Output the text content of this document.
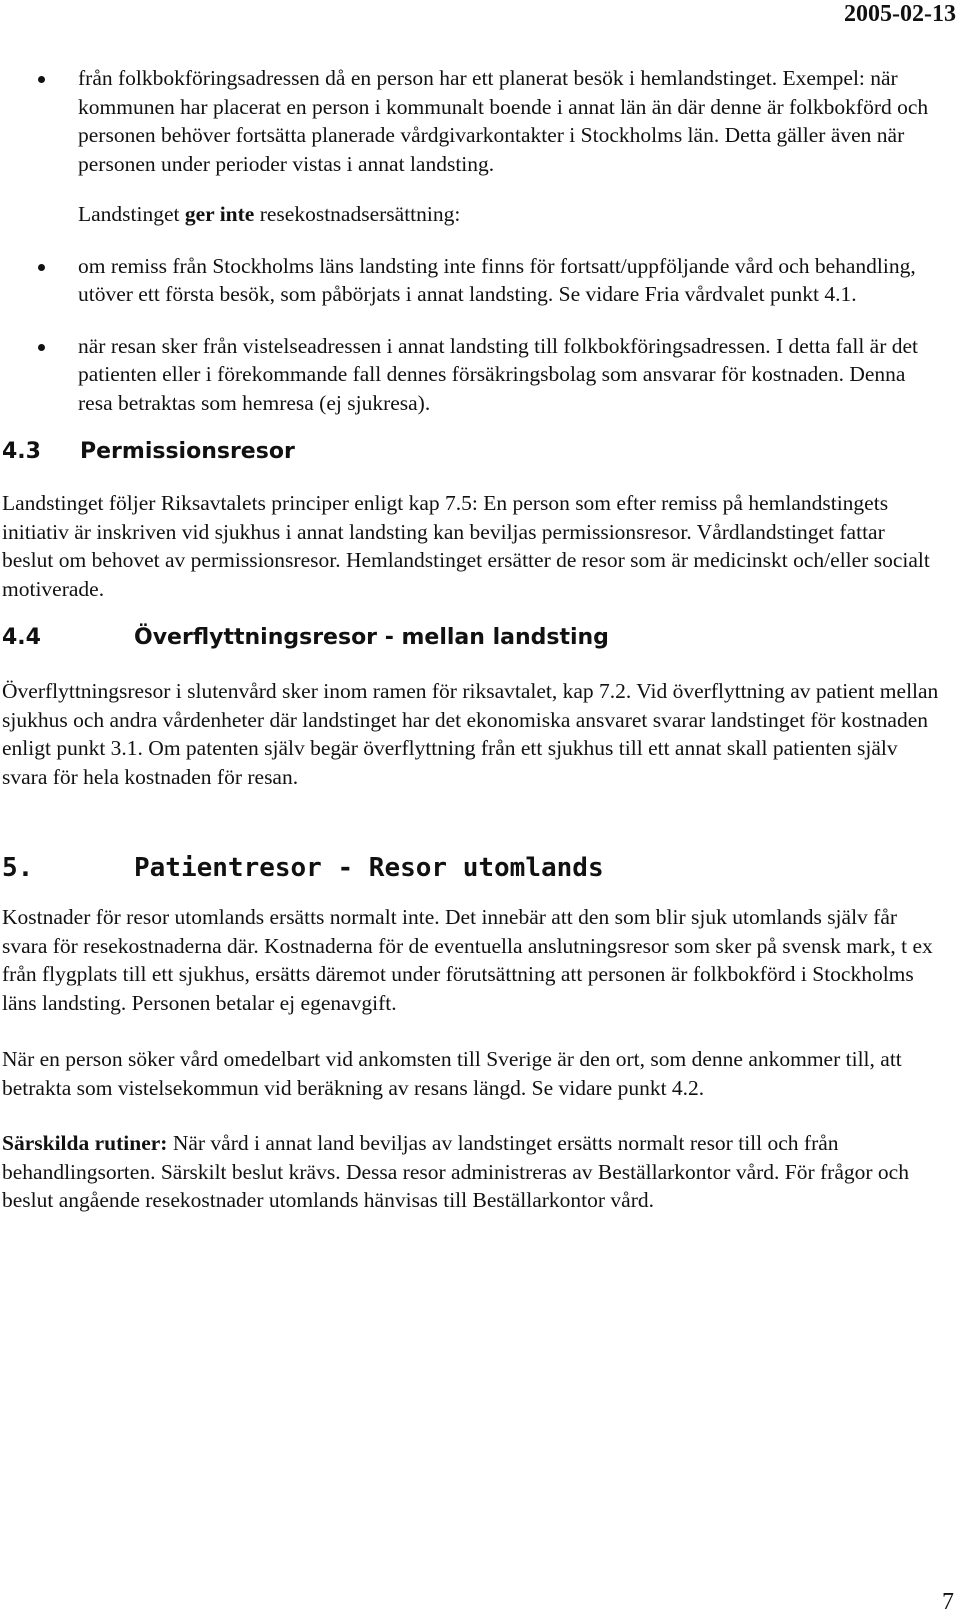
2005-02-13

från folkbokföringsadressen då en person har ett planerat besök i hemlandstinget. Exempel: när kommunen har placerat en person i kommunalt boende i annat län än där denne är folkbokförd och personen behöver fortsätta planerade vårdgivarkontakter i Stockholms län. Detta gäller även när personen under perioder vistas i annat landsting.

Landstinget ger inte resekostnadsersättning:

om remiss från Stockholms läns landsting inte finns för fortsatt/uppföljande vård och behandling, utöver ett första besök, som påbörjats i annat landsting. Se vidare Fria vårdvalet punkt 4.1.

när resan sker från vistelseadressen i annat landsting till folkbokföringsadressen. I detta fall är det patienten eller i förekommande fall dennes försäkringsbolag som ansvarar för kostnaden. Denna resa betraktas som hemresa (ej sjukresa).

4.3	Permissionsresor

Landstinget följer Riksavtalets principer enligt kap 7.5: En person som efter remiss på hemlandstingets initiativ är inskriven vid sjukhus i annat landsting kan beviljas permissionsresor. Vårdlandstinget fattar beslut om behovet av permissionsresor. Hemlandstinget ersätter de resor som är medicinskt och/eller socialt motiverade.

4.4	Överflyttningsresor - mellan landsting

Överflyttningsresor i slutenvård sker inom ramen för riksavtalet, kap 7.2. Vid överflyttning av patient mellan sjukhus och andra vårdenheter där landstinget har det ekonomiska ansvaret svarar landstinget för kostnaden enligt punkt 3.1. Om patenten själv begär överflyttning från ett sjukhus till ett annat skall patienten själv svara för hela kostnaden för resan.

5.	Patientresor - Resor utomlands

Kostnader för resor utomlands ersätts normalt inte. Det innebär att den som blir sjuk utomlands själv får svara för resekostnaderna där. Kostnaderna för de eventuella anslutningsresor som sker på svensk mark, t ex från flygplats till ett sjukhus, ersätts däremot under förutsättning att personen är folkbokförd i Stockholms läns landsting. Personen betalar ej egenavgift.

När en person söker vård omedelbart vid ankomsten till Sverige är den ort, som denne ankommer till, att betrakta som vistelsekommun vid beräkning av resans längd. Se vidare punkt 4.2.

Särskilda rutiner: När vård i annat land beviljas av landstinget ersätts normalt resor till och från behandlingsorten. Särskilt beslut krävs. Dessa resor administreras av Beställarkontor vård. För frågor och beslut angående resekostnader utomlands hänvisas till Beställarkontor vård.

7
